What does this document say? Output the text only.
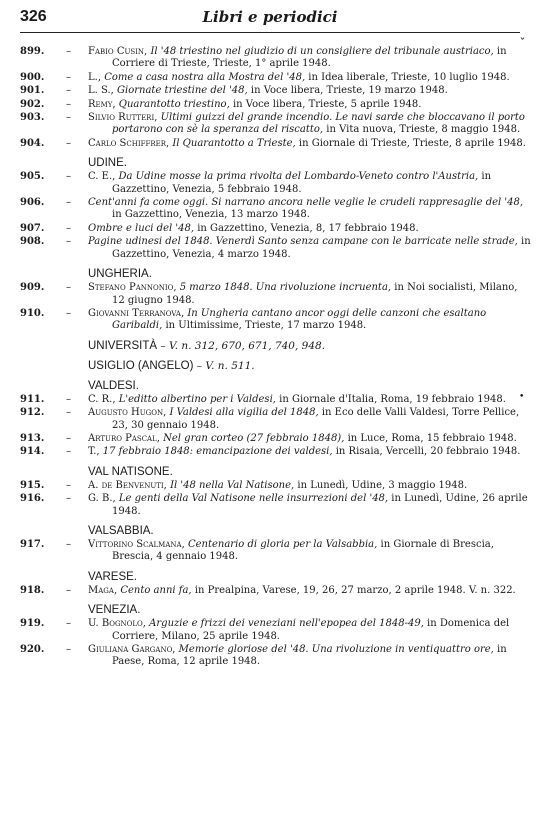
326	Libri e periodici
ˇ
•
899.	– Fabio Cusin, Il '48 triestino nel giudizio di un consigliere del tribunale austriaco, in Corriere di Trieste, Trieste, 1° aprile 1948.
900.	– L., Come a casa nostra alla Mostra del '48, in Idea liberale, Trieste, 10 luglio 1948.
901.	– L. S., Giornate triestine del '48, in Voce libera, Trieste, 19 marzo 1948.
902.	– Remy, Quarantotto triestino, in Voce libera, Trieste, 5 aprile 1948.
903.	– Silvio Rutteri, Ultimi guizzi del grande incendio. Le navi sarde che bloccavano il porto portarono con sè la speranza del riscatto, in Vita nuova, Trieste, 8 maggio 1948.
904.	– Carlo Schiffrer, Il Quarantotto a Trieste, in Giornale di Trieste, Trieste, 8 aprile 1948.
UDINE.
905.	– C. E., Da Udine mosse la prima rivolta del Lombardo-Veneto contro l'Austria, in Gazzettino, Venezia, 5 febbraio 1948.
906.	– Cent'anni fa come oggi. Si narrano ancora nelle veglie le crudeli rappresaglie del '48, in Gazzettino, Venezia, 13 marzo 1948.
907.	– Ombre e luci del '48, in Gazzettino, Venezia, 8, 17 febbraio 1948.
908.	– Pagine udinesi del 1848. Venerdì Santo senza campane con le barricate nelle strade, in Gazzettino, Venezia, 4 marzo 1948.
UNGHERIA.
909.	– Stefano Pannonio, 5 marzo 1848. Una rivoluzione incruenta, in Noi socialisti, Milano, 12 giugno 1948.
910.	– Giovanni Terranova, In Ungheria cantano ancor oggi delle canzoni che esaltano Garibaldi, in Ultimissime, Trieste, 17 marzo 1948.
UNIVERSITÀ – V. n. 312, 670, 671, 740, 948.
USIGLIO (ANGELO) – V. n. 511.
VALDESI.
911.	– C. R., L'editto albertino per i Valdesi, in Giornale d'Italia, Roma, 19 febbraio 1948.
912.	– Augusto Hugon, I Valdesi alla vigilia del 1848, in Eco delle Valli Valdesi, Torre Pellice, 23, 30 gennaio 1948.
913.	– Arturo Pascal, Nel gran corteo (27 febbraio 1848), in Luce, Roma, 15 febbraio 1948.
914.	– T., 17 febbraio 1848: emancipazione dei valdesi, in Risaia, Vercelli, 20 febbraio 1948.
VAL NATISONE.
915.	– A. de Benvenuti, Il '48 nella Val Natisone, in Lunedì, Udine, 3 maggio 1948.
916.	– G. B., Le genti della Val Natisone nelle insurrezioni del '48, in Lunedì, Udine, 26 aprile 1948.
VALSABBIA.
917.	– Vittorino Scalmana, Centenario di gloria per la Valsabbia, in Giornale di Brescia, Brescia, 4 gennaio 1948.
VARESE.
918.	– Maga, Cento anni fa, in Prealpina, Varese, 19, 26, 27 marzo, 2 aprile 1948. V. n. 322.
VENEZIA.
919.	– U. Bognolo, Arguzie e frizzi dei veneziani nell'epopea del 1848-49, in Domenica del Corriere, Milano, 25 aprile 1948.
920.	– Giuliana Gargano, Memorie gloriose del '48. Una rivoluzione in ventiquattro ore, in Paese, Roma, 12 aprile 1948.
